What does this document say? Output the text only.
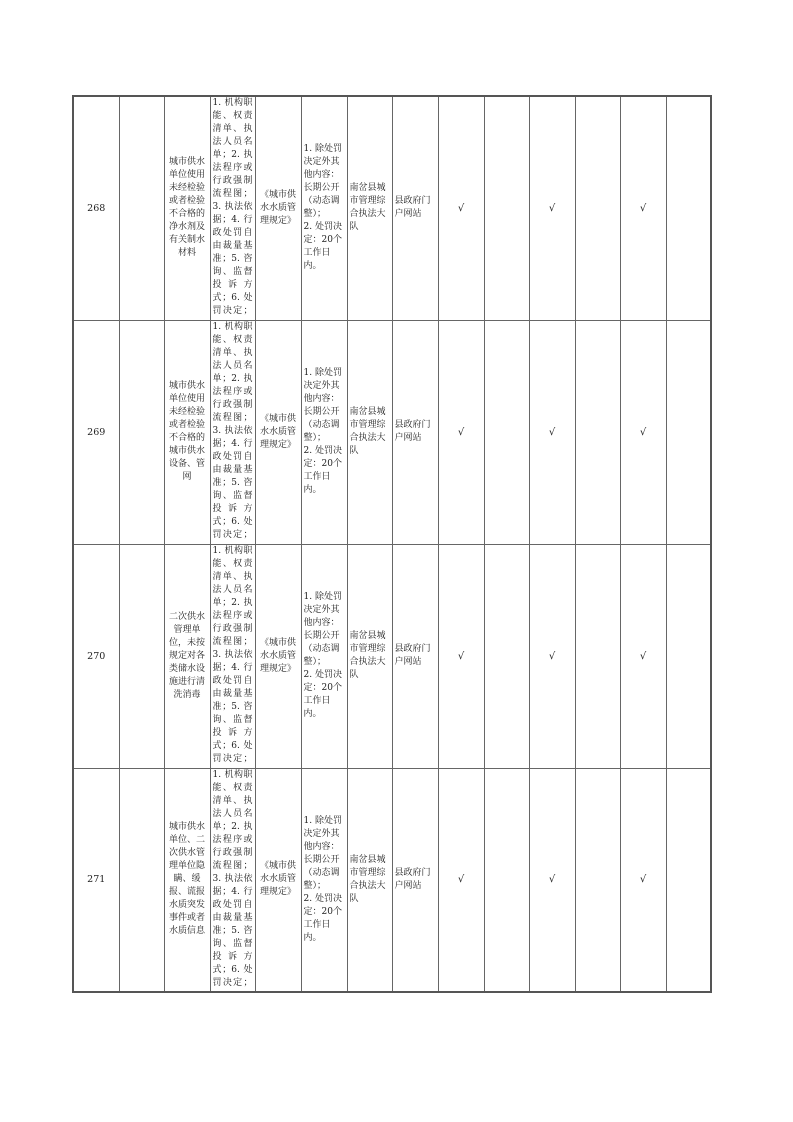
268		城市供水单位使用未经检验或者检验不合格的净水剂及有关制水材料	1. 机构职能、权责清单、执法人员名单；2. 执法程序或行政强制流程图；3. 执法依据；4. 行政处罚自由裁量基准；5. 咨询、监督投诉方式；6. 处罚决定；	《城市供水水质管理规定》	1. 除处罚决定外其他内容：长期公开（动态调整）；
2. 处罚决定：20个工作日内。	南岔县城市管理综合执法大队	县政府门户网站	√		√		√	
269		城市供水单位使用未经检验或者检验不合格的城市供水设备、管网	1. 机构职能、权责清单、执法人员名单；2. 执法程序或行政强制流程图；3. 执法依据；4. 行政处罚自由裁量基准；5. 咨询、监督投诉方式；6. 处罚决定；	《城市供水水质管理规定》	1. 除处罚决定外其他内容：长期公开（动态调整）；
2. 处罚决定：20个工作日内。	南岔县城市管理综合执法大队	县政府门户网站	√		√		√	
270		二次供水管理单位，未按规定对各类储水设施进行清洗消毒	1. 机构职能、权责清单、执法人员名单；2. 执法程序或行政强制流程图；3. 执法依据；4. 行政处罚自由裁量基准；5. 咨询、监督投诉方式；6. 处罚决定；	《城市供水水质管理规定》	1. 除处罚决定外其他内容：长期公开（动态调整）；
2. 处罚决定：20个工作日内。	南岔县城市管理综合执法大队	县政府门户网站	√		√		√	
271		城市供水单位、二次供水管理单位隐瞒、缓报、谎报水质突发事件或者水质信息	1. 机构职能、权责清单、执法人员名单；2. 执法程序或行政强制流程图；3. 执法依据；4. 行政处罚自由裁量基准；5. 咨询、监督投诉方式；6. 处罚决定；	《城市供水水质管理规定》	1. 除处罚决定外其他内容：长期公开（动态调整）；
2. 处罚决定：20个工作日内。	南岔县城市管理综合执法大队	县政府门户网站	√		√		√	
